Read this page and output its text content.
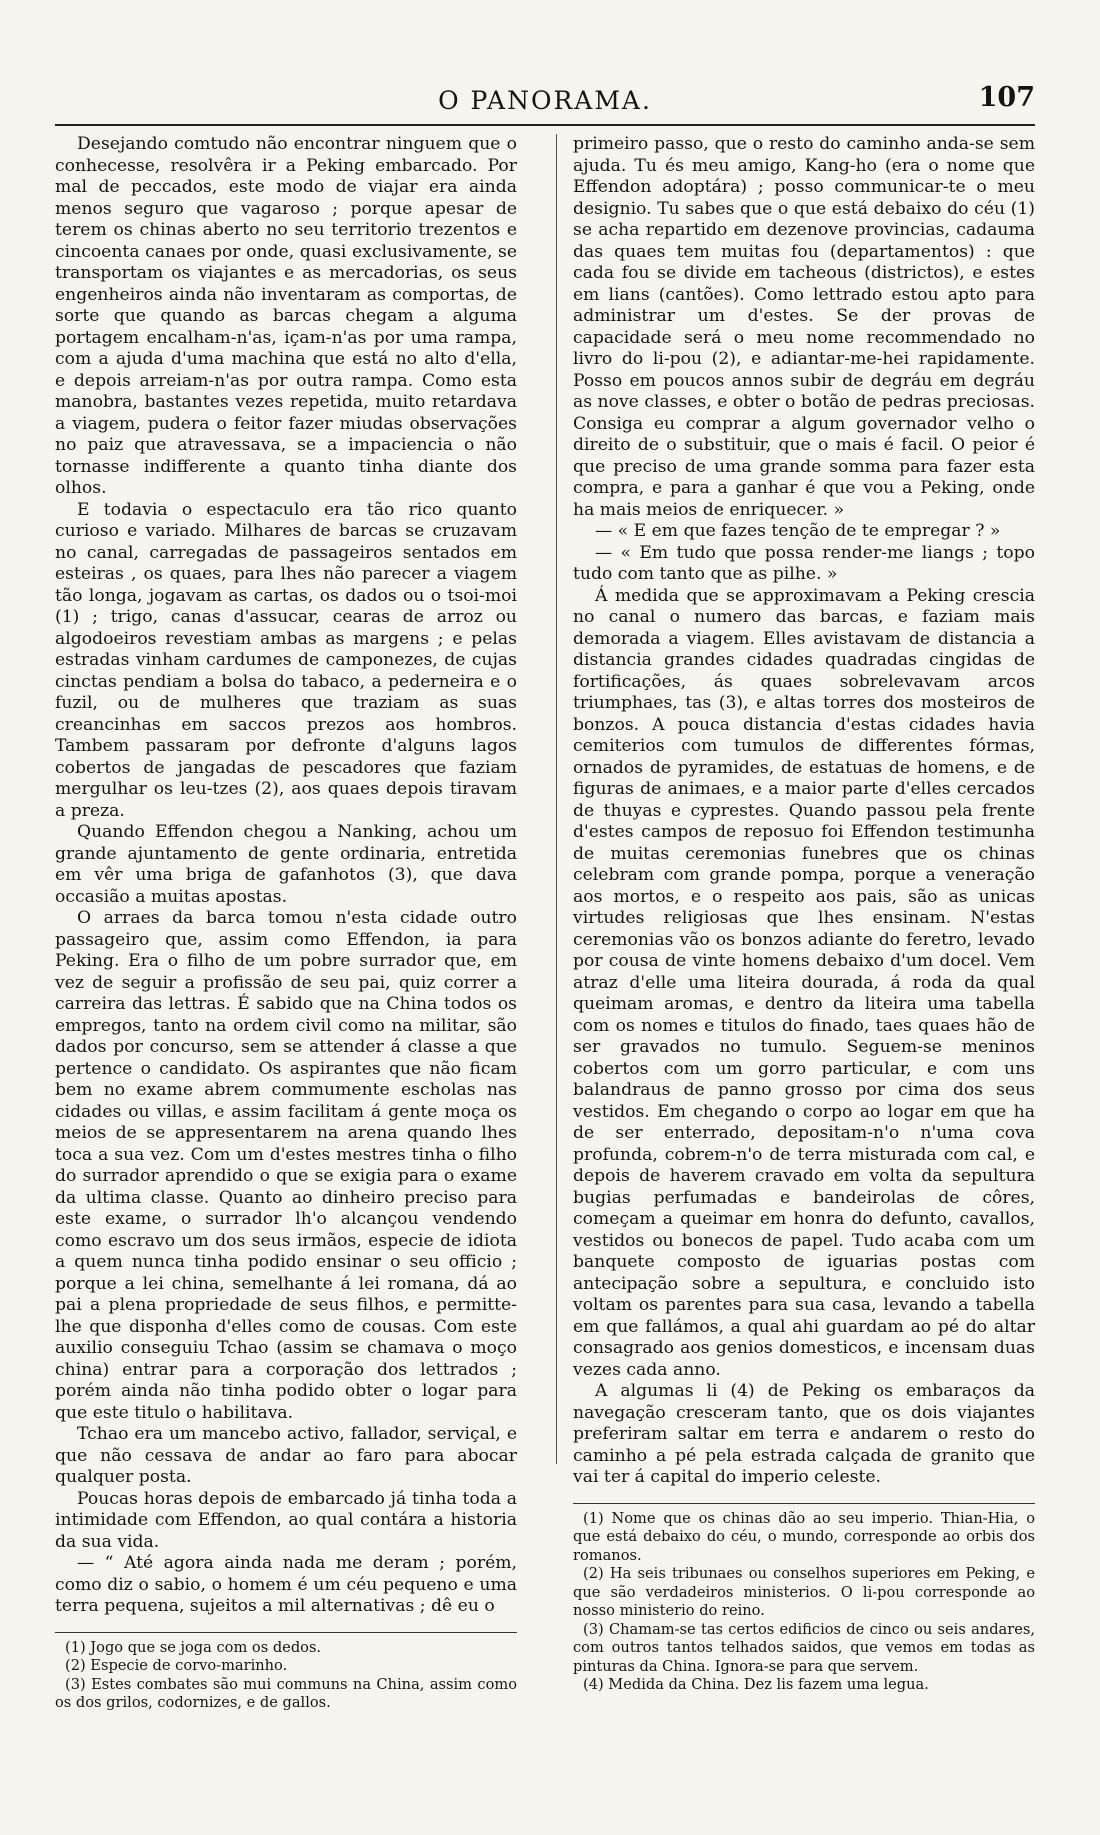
O PANORAMA.	107

Desejando comtudo não encontrar ninguem que o conhecesse, resolvêra ir a Peking embarcado. Por mal de peccados, este modo de viajar era ainda menos seguro que vagaroso ; porque apesar de terem os chinas aberto no seu territorio trezentos e cincoenta canaes por onde, quasi exclusivamente, se transportam os viajantes e as mercadorias, os seus engenheiros ainda não inventaram as comportas, de sorte que quando as barcas chegam a alguma portagem encalham-n'as, içam-n'as por uma rampa, com a ajuda d'uma machina que está no alto d'ella, e depois arreiam-n'as por outra rampa. Como esta manobra, bastantes vezes repetida, muito retardava a viagem, pudera o feitor fazer miudas observações no paiz que atravessava, se a impaciencia o não tornasse indifferente a quanto tinha diante dos olhos.

E todavia o espectaculo era tão rico quanto curioso e variado. Milhares de barcas se cruzavam no canal, carregadas de passageiros sentados em esteiras , os quaes, para lhes não parecer a viagem tão longa, jogavam as cartas, os dados ou o tsoi-moi (1) ; trigo, canas d'assucar, cearas de arroz ou algodoeiros revestiam ambas as margens ; e pelas estradas vinham cardumes de camponezes, de cujas cinctas pendiam a bolsa do tabaco, a pederneira e o fuzil, ou de mulheres que traziam as suas creancinhas em saccos prezos aos hombros. Tambem passaram por defronte d'alguns lagos cobertos de jangadas de pescadores que faziam mergulhar os leu-tzes (2), aos quaes depois tiravam a preza.

Quando Effendon chegou a Nanking, achou um grande ajuntamento de gente ordinaria, entretida em vêr uma briga de gafanhotos (3), que dava occasião a muitas apostas.

O arraes da barca tomou n'esta cidade outro passageiro que, assim como Effendon, ia para Peking. Era o filho de um pobre surrador que, em vez de seguir a profissão de seu pai, quiz correr a carreira das lettras. É sabido que na China todos os empregos, tanto na ordem civil como na militar, são dados por concurso, sem se attender á classe a que pertence o candidato. Os aspirantes que não ficam bem no exame abrem commumente escholas nas cidades ou villas, e assim facilitam á gente moça os meios de se appresentarem na arena quando lhes toca a sua vez. Com um d'estes mestres tinha o filho do surrador aprendido o que se exigia para o exame da ultima classe. Quanto ao dinheiro preciso para este exame, o surrador lh'o alcançou vendendo como escravo um dos seus irmãos, especie de idiota a quem nunca tinha podido ensinar o seu officio ; porque a lei china, semelhante á lei romana, dá ao pai a plena propriedade de seus filhos, e permitte-lhe que disponha d'elles como de cousas. Com este auxilio conseguiu Tchao (assim se chamava o moço china) entrar para a corporação dos lettrados ; porém ainda não tinha podido obter o logar para que este titulo o habilitava.

Tchao era um mancebo activo, fallador, serviçal, e que não cessava de andar ao faro para abocar qualquer posta.

Poucas horas depois de embarcado já tinha toda a intimidade com Effendon, ao qual contára a historia da sua vida.

— “ Até agora ainda nada me deram ; porém, como diz o sabio, o homem é um céu pequeno e uma terra pequena, sujeitos a mil alternativas ; dê eu o

(1) Jogo que se joga com os dedos.

(2) Especie de corvo-marinho.

(3) Estes combates são mui communs na China, assim como os dos grilos, codornizes, e de gallos.

primeiro passo, que o resto do caminho anda-se sem ajuda. Tu és meu amigo, Kang-ho (era o nome que Effendon adoptára) ; posso communicar-te o meu designio. Tu sabes que o que está debaixo do céu (1) se acha repartido em dezenove provincias, cadauma das quaes tem muitas fou (departamentos) : que cada fou se divide em tacheous (districtos), e estes em lians (cantões). Como lettrado estou apto para administrar um d'estes. Se der provas de capacidade será o meu nome recommendado no livro do li-pou (2), e adiantar-me-hei rapidamente. Posso em poucos annos subir de degráu em degráu as nove classes, e obter o botão de pedras preciosas. Consiga eu comprar a algum governador velho o direito de o substituir, que o mais é facil. O peior é que preciso de uma grande somma para fazer esta compra, e para a ganhar é que vou a Peking, onde ha mais meios de enriquecer. »

— « E em que fazes tenção de te empregar ? »

— « Em tudo que possa render-me liangs ; topo tudo com tanto que as pilhe. »

Á medida que se approximavam a Peking crescia no canal o numero das barcas, e faziam mais demorada a viagem. Elles avistavam de distancia a distancia grandes cidades quadradas cingidas de fortificações, ás quaes sobrelevavam arcos triumphaes, tas (3), e altas torres dos mosteiros de bonzos. A pouca distancia d'estas cidades havia cemiterios com tumulos de differentes fórmas, ornados de pyramides, de estatuas de homens, e de figuras de animaes, e a maior parte d'elles cercados de thuyas e cyprestes. Quando passou pela frente d'estes campos de reposuo foi Effendon testimunha de muitas ceremonias funebres que os chinas celebram com grande pompa, porque a veneração aos mortos, e o respeito aos pais, são as unicas virtudes religiosas que lhes ensinam. N'estas ceremonias vão os bonzos adiante do feretro, levado por cousa de vinte homens debaixo d'um docel. Vem atraz d'elle uma liteira dourada, á roda da qual queimam aromas, e dentro da liteira uma tabella com os nomes e titulos do finado, taes quaes hão de ser gravados no tumulo. Seguem-se meninos cobertos com um gorro particular, e com uns balandraus de panno grosso por cima dos seus vestidos. Em chegando o corpo ao logar em que ha de ser enterrado, depositam-n'o n'uma cova profunda, cobrem-n'o de terra misturada com cal, e depois de haverem cravado em volta da sepultura bugias perfumadas e bandeirolas de côres, começam a queimar em honra do defunto, cavallos, vestidos ou bonecos de papel. Tudo acaba com um banquete composto de iguarias postas com antecipação sobre a sepultura, e concluido isto voltam os parentes para sua casa, levando a tabella em que fallámos, a qual ahi guardam ao pé do altar consagrado aos genios domesticos, e incensam duas vezes cada anno.

A algumas li (4) de Peking os embaraços da navegação cresceram tanto, que os dois viajantes preferiram saltar em terra e andarem o resto do caminho a pé pela estrada calçada de granito que vai ter á capital do imperio celeste.

(1) Nome que os chinas dão ao seu imperio. Thian-Hia, o que está debaixo do céu, o mundo, corresponde ao orbis dos romanos.

(2) Ha seis tribunaes ou conselhos superiores em Peking, e que são verdadeiros ministerios. O li-pou corresponde ao nosso ministerio do reino.

(3) Chamam-se tas certos edificios de cinco ou seis andares, com outros tantos telhados saidos, que vemos em todas as pinturas da China. Ignora-se para que servem.

(4) Medida da China. Dez lis fazem uma legua.
